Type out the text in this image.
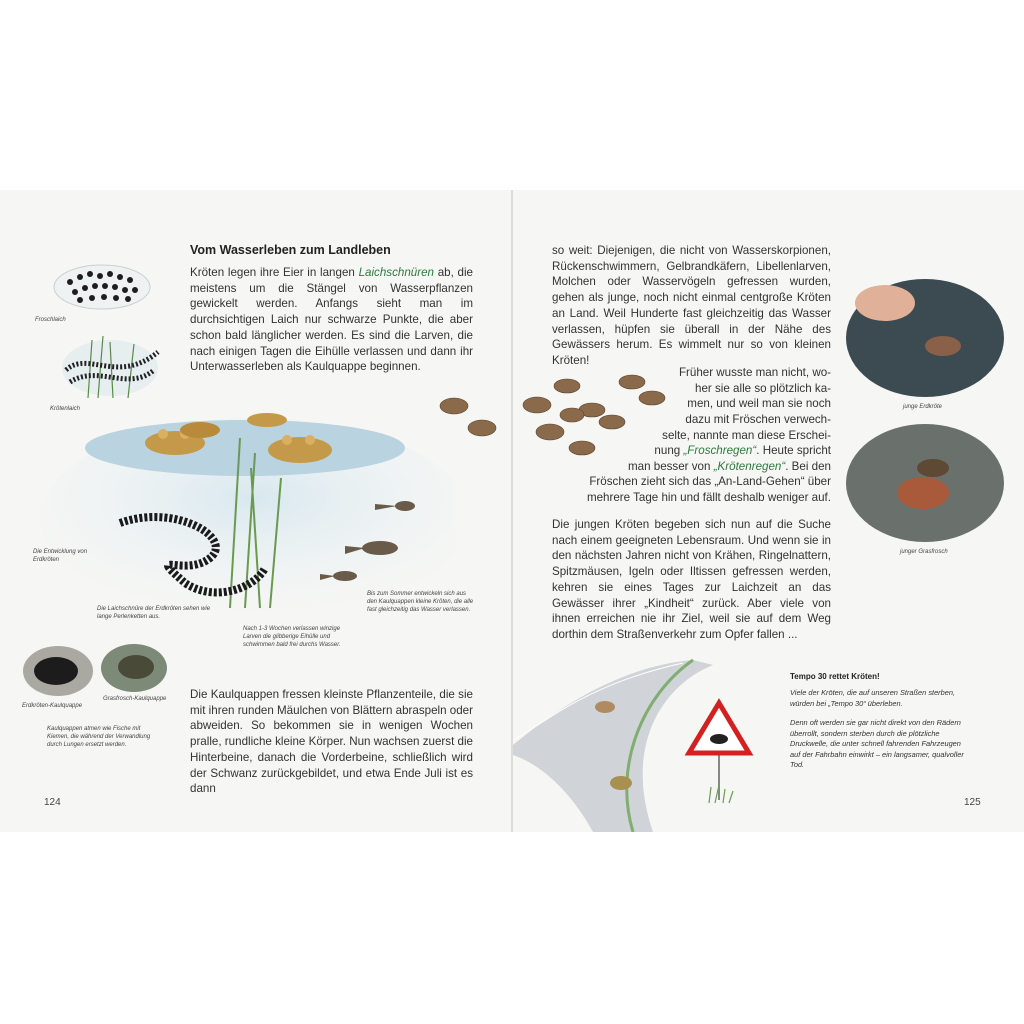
Vom Wasserleben zum Landleben
Kröten legen ihre Eier in langen Laichschnüren ab, die meistens um die Stängel von Wasserpflanzen gewickelt werden. Anfangs sieht man im durchsichtigen Laich nur schwarze Punkte, die aber schon bald länglicher werden. Es sind die Larven, die nach einigen Tagen die Eihülle verlassen und dann ihr Unterwasserleben als Kaulquappe beginnen.
Froschlaich
Krötenlaich
Die Entwicklung von Erdkröten
Die Laichschnüre der Erdkröten sehen wie lange Perlenketten aus.
Nach 1-3 Wochen verlassen winzige Larven die glibberige Eihülle und schwimmen bald frei durchs Wasser.
Bis zum Sommer entwickeln sich aus den Kaulquappen kleine Kröten, die alle fast gleichzeitig das Wasser verlassen.
Erdkröten-Kaulquappe
Grasfrosch-Kaulquappe
Kaulquappen atmen wie Fische mit Kiemen, die während der Verwandlung durch Lungen ersetzt werden.
Die Kaulquappen fressen kleinste Pflanzenteile, die sie mit ihren runden Mäulchen von Blättern abraspeln oder abweiden. So bekommen sie in wenigen Wochen pralle, rundliche kleine Körper. Nun wachsen zuerst die Hinterbeine, danach die Vorderbeine, schließlich wird der Schwanz zurückgebildet, und etwa Ende Juli ist es dann
124
so weit: Diejenigen, die nicht von Wasserskorpionen, Rückenschwimmern, Gelbrandkäfern, Libellenlarven, Molchen oder Wasservögeln gefressen wurden, gehen als junge, noch nicht einmal centgroße Kröten an Land. Weil Hunderte fast gleichzeitig das Wasser verlassen, hüpfen sie überall in der Nähe des Gewässers herum. Es wimmelt nur so von kleinen Kröten!
Früher wusste man nicht, wo-
her sie alle so plötzlich ka-
men, und weil man sie noch
dazu mit Fröschen verwech-
selte, nannte man diese Erschei-
nung „Froschregen“. Heute spricht
man besser von „Krötenregen“. Bei den
Fröschen zieht sich das „An-Land-Gehen“ über
mehrere Tage hin und fällt deshalb weniger auf.
Die jungen Kröten begeben sich nun auf die Suche nach einem geeigneten Lebensraum. Und wenn sie in den nächsten Jahren nicht von Krähen, Ringelnattern, Spitzmäusen, Igeln oder Iltissen gefressen werden, kehren sie eines Tages zur Laichzeit an das Gewässer ihrer „Kindheit“ zurück. Aber viele von ihnen erreichen nie ihr Ziel, weil sie auf dem Weg dorthin dem Straßenverkehr zum Opfer fallen ...
junge Erdkröte
junger Grasfrosch
Tempo 30 rettet Kröten!
Viele der Kröten, die auf unseren Straßen sterben, würden bei „Tempo 30“ überleben.
Denn oft werden sie gar nicht direkt von den Rädern überrollt, sondern sterben durch die plötzliche Druckwelle, die unter schnell fahrenden Fahrzeugen auf der Fahrbahn einwirkt – ein langsamer, qualvoller Tod.
125
